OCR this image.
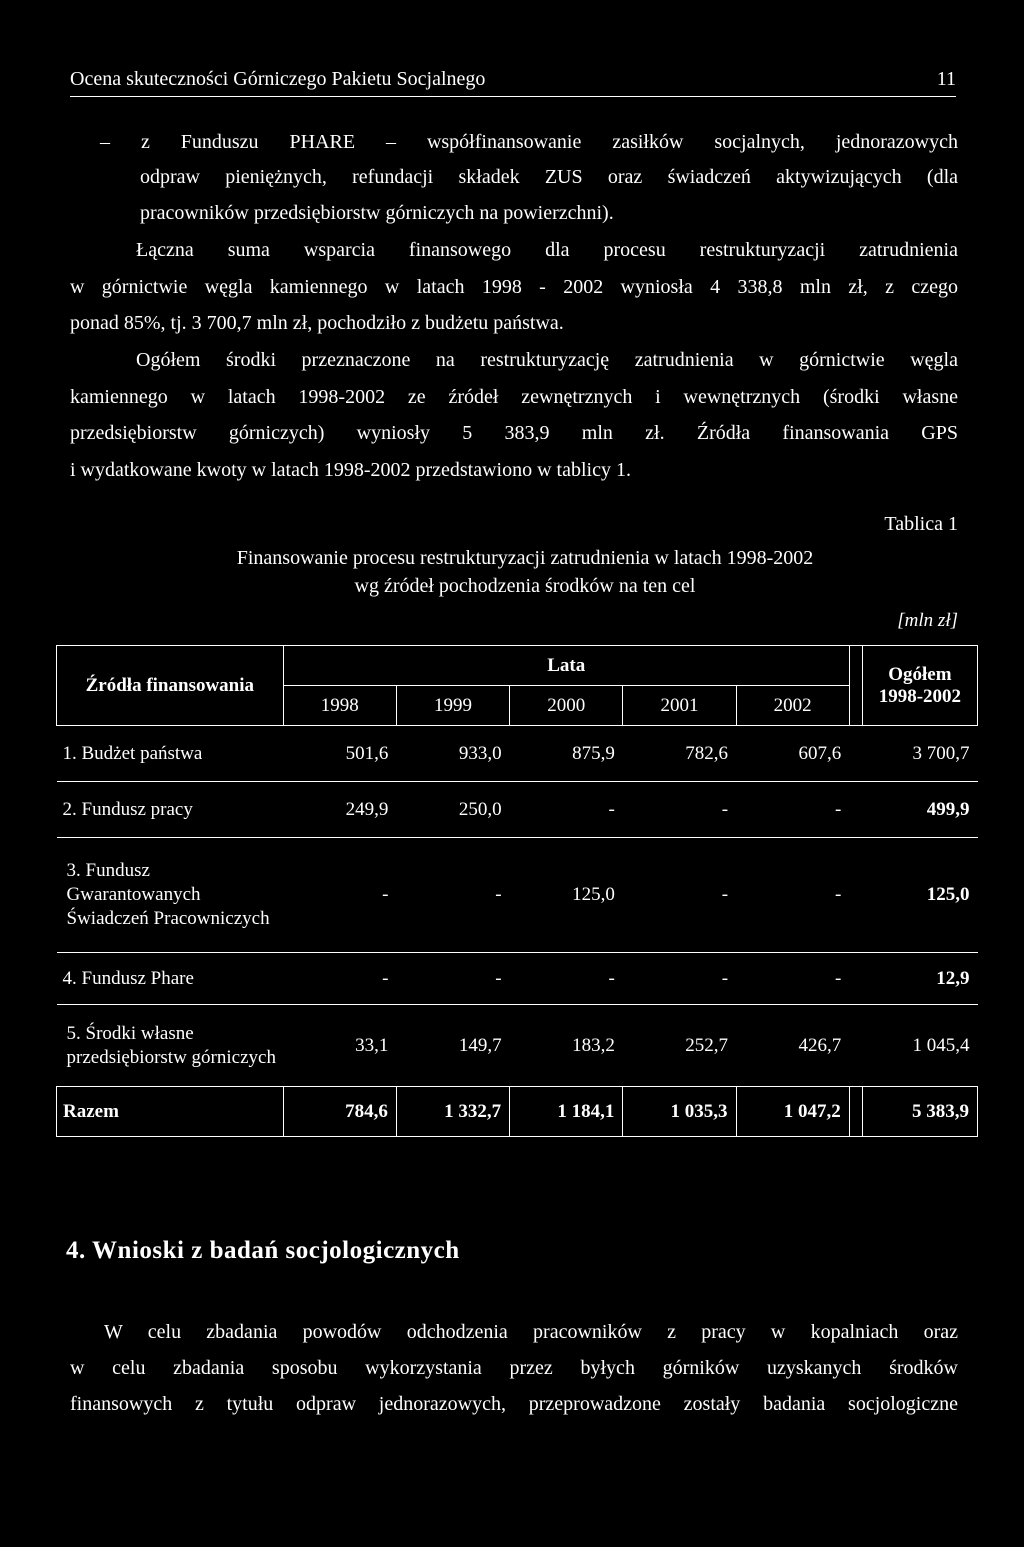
Ocena skuteczności Górniczego Pakietu Socjalnego	11
– z Funduszu PHARE – współfinansowanie zasiłków socjalnych, jednorazowych
odpraw pieniężnych, refundacji składek ZUS oraz świadczeń aktywizujących (dla
pracowników przedsiębiorstw górniczych na powierzchni).
Łączna suma wsparcia finansowego dla procesu restrukturyzacji zatrudnienia
w górnictwie węgla kamiennego w latach 1998 - 2002 wyniosła 4 338,8 mln zł, z czego
ponad 85%, tj. 3 700,7 mln zł, pochodziło z budżetu państwa.
Ogółem środki przeznaczone na restrukturyzację zatrudnienia w górnictwie węgla
kamiennego w latach 1998-2002 ze źródeł zewnętrznych i wewnętrznych (środki własne
przedsiębiorstw górniczych) wyniosły 5 383,9 mln zł. Źródła finansowania GPS
i wydatkowane kwoty w latach 1998-2002 przedstawiono w tablicy 1.
Tablica 1
Finansowanie procesu restrukturyzacji zatrudnienia w latach 1998-2002
wg źródeł pochodzenia środków na ten cel
[mln zł]
Źródła finansowania	Lata						Ogółem 1998-2002
	1998	1999	2000	2001	2002		
1. Budżet państwa	501,6	933,0	875,9	782,6	607,6		3 700,7
2. Fundusz pracy	249,9	250,0	-	-	-		499,9
3. Fundusz Gwarantowanych Świadczeń Pracowniczych	-	-	125,0	-	-		125,0
4. Fundusz Phare	-	-	-	-	-		12,9
5. Środki własne przedsiębiorstw górniczych	33,1	149,7	183,2	252,7	426,7		1 045,4
Razem	784,6	1 332,7	1 184,1	1 035,3	1 047,2		5 383,9
4. Wnioski z badań socjologicznych
W celu zbadania powodów odchodzenia pracowników z pracy w kopalniach oraz
w celu zbadania sposobu wykorzystania przez byłych górników uzyskanych środków
finansowych z tytułu odpraw jednorazowych, przeprowadzone zostały badania socjologiczne
